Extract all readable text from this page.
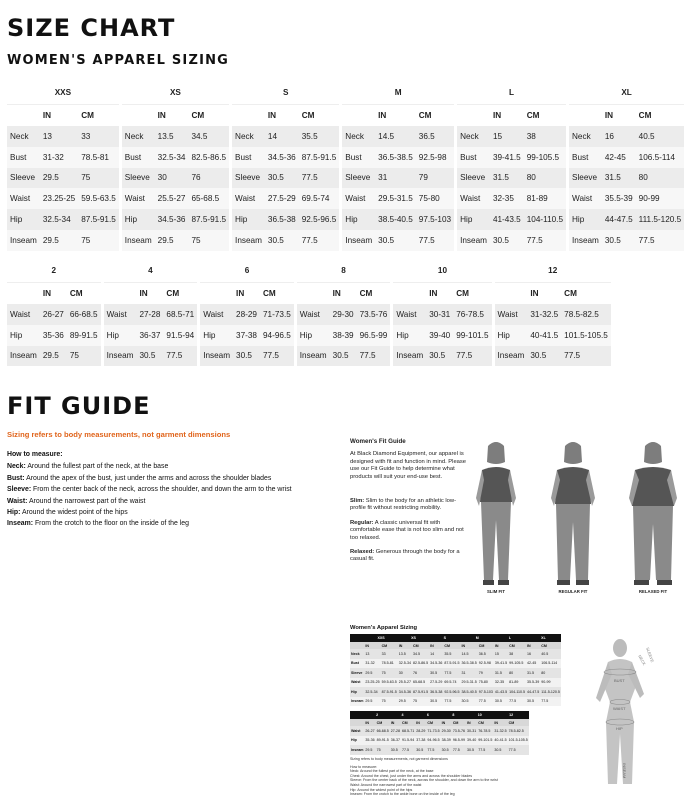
SIZE CHART
WOMEN'S APPAREL SIZING
XXS		
	IN	CM
Neck	13	33
Bust	31-32	78.5-81
Sleeve	29.5	75
Waist	23.25-25	59.5-63.5
Hip	32.5-34	87.5-91.5
Inseam	29.5	75
XS		
	IN	CM
Neck	13.5	34.5
Bust	32.5-34	82.5-86.5
Sleeve	30	76
Waist	25.5-27	65-68.5
Hip	34.5-36	87.5-91.5
Inseam	29.5	75
S		
	IN	CM
Neck	14	35.5
Bust	34.5-36	87.5-91.5
Sleeve	30.5	77.5
Waist	27.5-29	69.5-74
Hip	36.5-38	92.5-96.5
Inseam	30.5	77.5
M		
	IN	CM
Neck	14.5	36.5
Bust	36.5-38.5	92.5-98
Sleeve	31	79
Waist	29.5-31.5	75-80
Hip	38.5-40.5	97.5-103
Inseam	30.5	77.5
L		
	IN	CM
Neck	15	38
Bust	39-41.5	99-105.5
Sleeve	31.5	80
Waist	32-35	81-89
Hip	41-43.5	104-110.5
Inseam	30.5	77.5
XL		
	IN	CM
Neck	16	40.5
Bust	42-45	106.5-114
Sleeve	31.5	80
Waist	35.5-39	90-99
Hip	44-47.5	111.5-120.5
Inseam	30.5	77.5
2		
	IN	CM
Waist	26-27	66-68.5
Hip	35-36	89-91.5
Inseam	29.5	75
4		
	IN	CM
Waist	27-28	68.5-71
Hip	36-37	91.5-94
Inseam	30.5	77.5
6		
	IN	CM
Waist	28-29	71-73.5
Hip	37-38	94-96.5
Inseam	30.5	77.5
8		
	IN	CM
Waist	29-30	73.5-76
Hip	38-39	96.5-99
Inseam	30.5	77.5
10		
	IN	CM
Waist	30-31	76-78.5
Hip	39-40	99-101.5
Inseam	30.5	77.5
12		
	IN	CM
Waist	31-32.5	78.5-82.5
Hip	40-41.5	101.5-105.5
Inseam	30.5	77.5
FIT GUIDE
Sizing refers to body measurements, not garment dimensions
How to measure:
Neck: Around the fullest part of the neck, at the base
Bust: Around the apex of the bust, just under the arms and across the shoulder blades
Sleeve: From the center back of the neck, across the shoulder, and down the arm to the wrist
Waist: Around the narrowest part of the waist
Hip: Around the widest point of the hips
Inseam: From the crotch to the floor on the inside of the leg
Women's Fit Guide

At Black Diamond Equipment, our apparel is designed with fit and function in mind. Please use our Fit Guide to help determine what products will suit your end-use best.

Slim: Slim to the body for an athletic low-profile fit without restricting mobility.

Regular: A classic universal fit with comfortable ease that is not too slim and not too relaxed.

Relaxed: Generous through the body for a casual fit.

SLIM FIT	REGULAR FIT	RELAXED FIT
Women's Apparel Sizing
	XXS		XS		S		M		L		XL	
	IN	CM	IN	CM	IN	CM	IN	CM	IN	CM	IN	CM
Neck	13	33	13.5	34.5	14	35.5	14.5	36.5	15	38	16	40.5
Bust	31-32	78.5-81	32.5-34	82.5-86.5	34.5-36	87.5-91.5	36.5-38.5	92.5-98	39-41.5	99-105.5	42-45	106.5-114
Sleeve	29.5	75	30	76	30.5	77.5	31	79	31.5	80	31.5	80
Waist	23.25-25	59.5-63.5	25.5-27	65-68.5	27.5-29	69.5-74	29.5-31.5	75-80	32-35	81-89	35.5-39	90-99
Hip	32.5-34	87.5-91.5	34.5-36	87.5-91.5	36.5-38	92.5-96.5	38.5-40.5	97.5-103	41-43.5	104-110.5	44-47.5	111.5-120.5
Inseam	29.5	75	29.5	75	30.5	77.5	30.5	77.5	30.5	77.5	30.5	77.5
	2		4		6		8		10		12	
	IN	CM	IN	CM	IN	CM	IN	CM	IN	CM	IN	CM
Waist	26-27	66-68.5	27-28	68.5-71	28-29	71-73.5	29-30	73.5-76	30-31	76-78.5	31-32.5	78.5-82.5
Hip	35-36	89-91.5	36-37	91.5-94	37-38	94-96.5	38-39	96.5-99	39-40	99-101.5	40-41.5	101.5-105.5
Inseam	29.5	75	30.5	77.5	30.5	77.5	30.5	77.5	30.5	77.5	30.5	77.5
Sizing refers to body measurements, not garment dimensions
How to measure:
Neck: Around the fullest part of the neck, at the base
Chest: Around the chest, just under the arms and across the shoulder blades
Sleeve: From the center back of the neck, across the shoulder, and down the arm to the wrist
Waist: Around the narrowest part of the waist
Hip: Around the widest point of the hips
Inseam: From the crotch to the ankle bone on the inside of the leg
NECK
BUST
WAIST
HIP
INSEAM
SLEEVE
